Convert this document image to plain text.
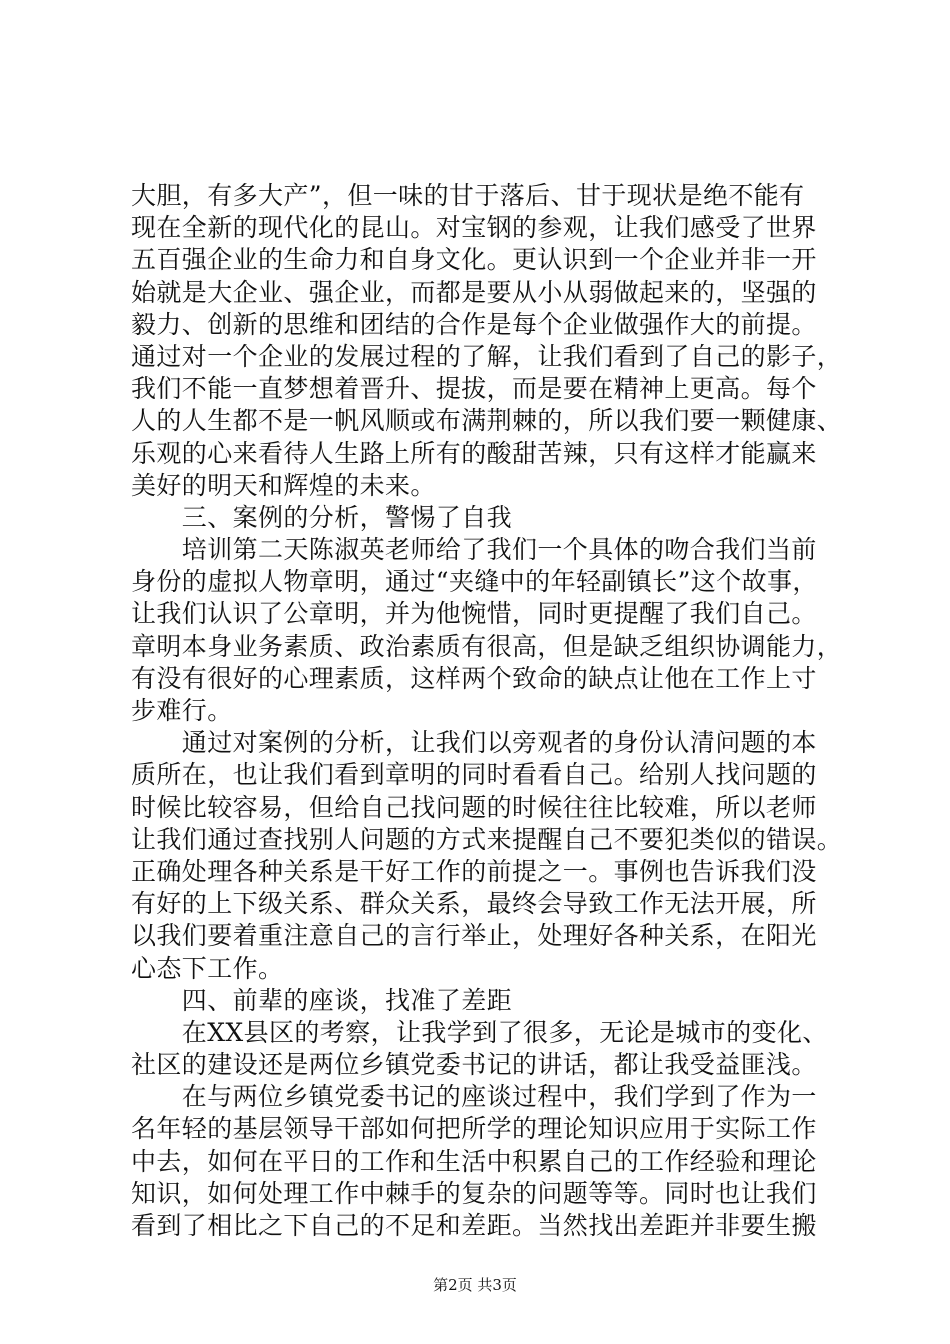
大胆，有多大产”，但一味的甘于落后、甘于现状是绝不能有
现在全新的现代化的昆山。对宝钢的参观，让我们感受了世界
五百强企业的生命力和自身文化。更认识到一个企业并非一开
始就是大企业、强企业，而都是要从小从弱做起来的，坚强的
毅力、创新的思维和团结的合作是每个企业做强作大的前提。
通过对一个企业的发展过程的了解，让我们看到了自己的影子，
我们不能一直梦想着晋升、提拔，而是要在精神上更高。每个
人的人生都不是一帆风顺或布满荆棘的，所以我们要一颗健康、
乐观的心来看待人生路上所有的酸甜苦辣，只有这样才能赢来
美好的明天和辉煌的未来。
　　三、案例的分析，警惕了自我
　　培训第二天陈淑英老师给了我们一个具体的吻合我们当前
身份的虚拟人物章明，通过“夹缝中的年轻副镇长”这个故事，
让我们认识了公章明，并为他惋惜，同时更提醒了我们自己。
章明本身业务素质、政治素质有很高，但是缺乏组织协调能力，
有没有很好的心理素质，这样两个致命的缺点让他在工作上寸
步难行。
　　通过对案例的分析，让我们以旁观者的身份认清问题的本
质所在，也让我们看到章明的同时看看自己。给别人找问题的
时候比较容易，但给自己找问题的时候往往比较难，所以老师
让我们通过查找别人问题的方式来提醒自己不要犯类似的错误。
正确处理各种关系是干好工作的前提之一。事例也告诉我们没
有好的上下级关系、群众关系，最终会导致工作无法开展，所
以我们要着重注意自己的言行举止，处理好各种关系，在阳光
心态下工作。
　　四、前辈的座谈，找准了差距
　　在XX县区的考察，让我学到了很多，无论是城市的变化、
社区的建设还是两位乡镇党委书记的讲话，都让我受益匪浅。
　　在与两位乡镇党委书记的座谈过程中，我们学到了作为一
名年轻的基层领导干部如何把所学的理论知识应用于实际工作
中去，如何在平日的工作和生活中积累自己的工作经验和理论
知识，如何处理工作中棘手的复杂的问题等等。同时也让我们
看到了相比之下自己的不足和差距。当然找出差距并非要生搬
第2页 共3页
